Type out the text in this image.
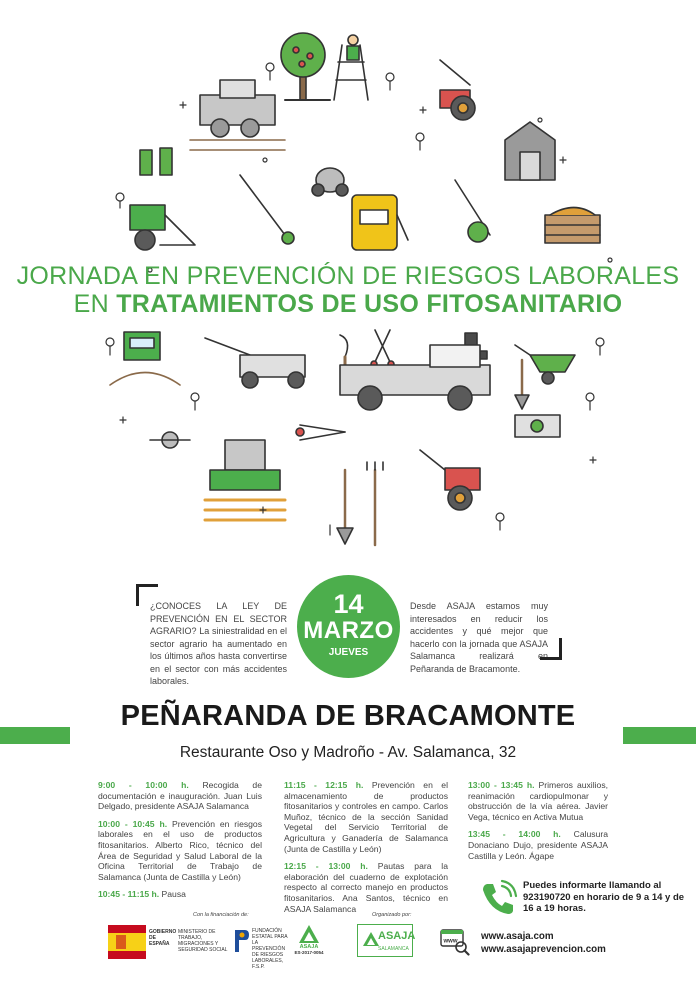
JORNADA EN PREVENCIÓN DE RIESGOS LABORALES
EN TRATAMIENTOS DE USO FITOSANITARIO
¿CONOCES LA LEY DE PREVENCIÓN EN EL SECTOR AGRARIO? La siniestralidad en el sector agrario ha aumentado en los últimos años hasta convertirse en el sector con más accidentes laborales.
14
MARZO
JUEVES
Desde ASAJA estamos muy interesados en reducir los accidentes y qué mejor que hacerlo con la jornada que ASAJA Salamanca realizará en Peñaranda de Bracamonte.
PEÑARANDA DE BRACAMONTE
Restaurante Oso y Madroño - Av. Salamanca, 32
9:00 - 10:00 h. Recogida de documentación e inauguración. Juan Luis Delgado, presidente ASAJA Salamanca
10:00 - 10:45 h. Prevención en riesgos laborales en el uso de productos fitosanitarios. Alberto Rico, técnico del Área de Seguridad y Salud Laboral de la Oficina Territorial de Trabajo de Salamanca (Junta de Castilla y León)
10:45 - 11:15 h. Pausa
11:15 - 12:15 h. Prevención en el almacenamiento de productos fitosanitarios y controles en campo. Carlos Muñoz, técnico de la sección Sanidad Vegetal del Servicio Territorial de Agricultura y Ganadería de Salamanca (Junta de Castilla y León)
12:15 - 13:00 h. Pautas para la elaboración del cuaderno de explotación respecto al correcto manejo en productos fitosanitarios. Ana Santos, técnico en ASAJA Salamanca
13:00 - 13:45 h. Primeros auxilios, reanimación cardiopulmonar y obstrucción de la vía aérea. Javier Vega, técnico en Activa Mutua
13:45 - 14:00 h. Calusura Donaciano Dujo, presidente ASAJA Castilla y León. Ágape
Puedes informarte llamando al 923190720 en horario de 9 a 14 y de 16 a 19 horas.
www www.asaja.com
www.asajaprevencion.com
Con la financiación de:	Organizado por:
GOBIERNO DE ESPAÑA
MINISTERIO DE TRABAJO, MIGRACIONES Y SEGURIDAD SOCIAL
FUNDACIÓN ESTATAL PARA LA PREVENCIÓN DE RIESGOS LABORALES, F.S.P.
ASAJA
ES-2017-0054
ASAJA
SALAMANCA
